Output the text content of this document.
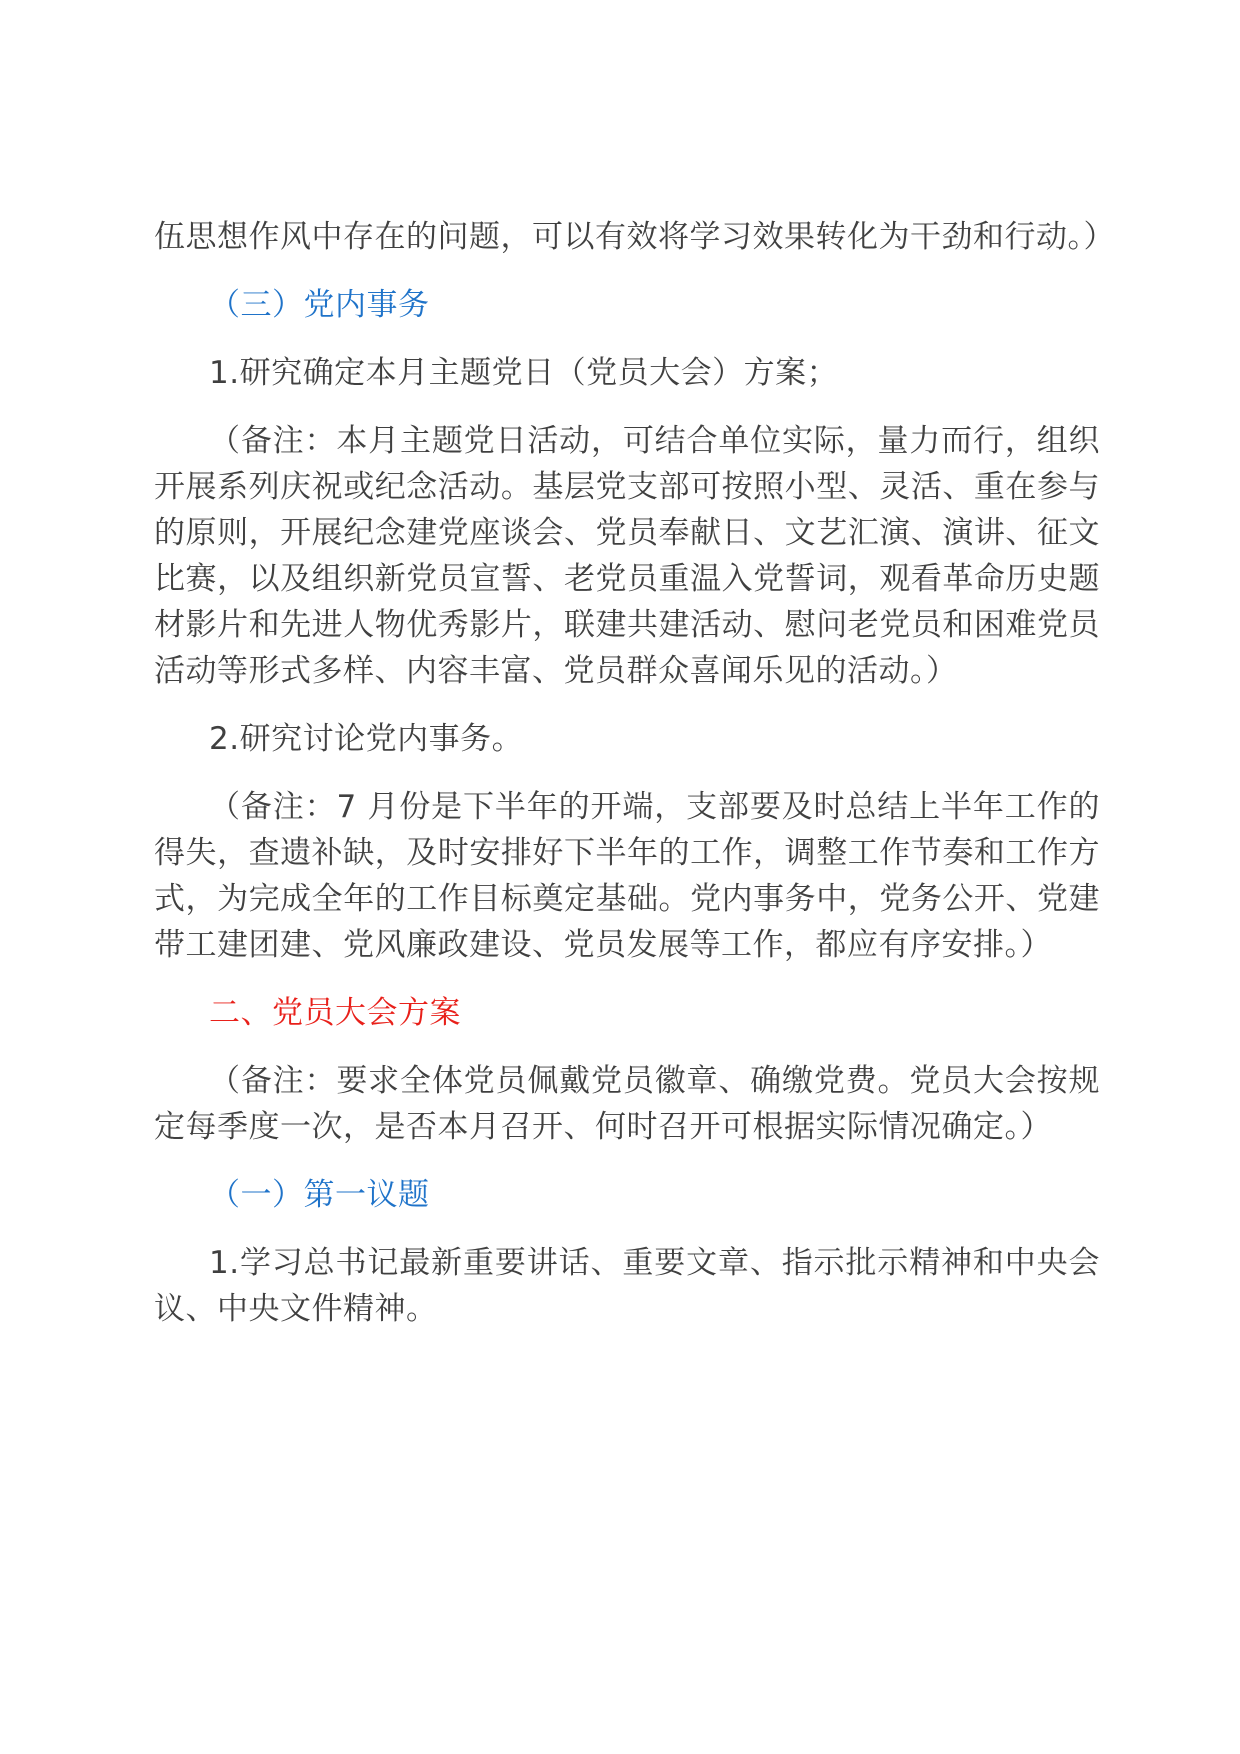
伍思想作风中存在的问题，可以有效将学习效果转化为干劲和行动。）

（三）党内事务

1.研究确定本月主题党日（党员大会）方案；

（备注：本月主题党日活动，可结合单位实际，量力而行，组织开展系列庆祝或纪念活动。基层党支部可按照小型、灵活、重在参与的原则，开展纪念建党座谈会、党员奉献日、文艺汇演、演讲、征文比赛，以及组织新党员宣誓、老党员重温入党誓词，观看革命历史题材影片和先进人物优秀影片，联建共建活动、慰问老党员和困难党员活动等形式多样、内容丰富、党员群众喜闻乐见的活动。）

2.研究讨论党内事务。

（备注：7 月份是下半年的开端，支部要及时总结上半年工作的得失，查遗补缺，及时安排好下半年的工作，调整工作节奏和工作方式，为完成全年的工作目标奠定基础。党内事务中，党务公开、党建带工建团建、党风廉政建设、党员发展等工作，都应有序安排。）

二、党员大会方案

（备注：要求全体党员佩戴党员徽章、确缴党费。党员大会按规定每季度一次，是否本月召开、何时召开可根据实际情况确定。）

（一）第一议题

1.学习总书记最新重要讲话、重要文章、指示批示精神和中央会议、中央文件精神。
